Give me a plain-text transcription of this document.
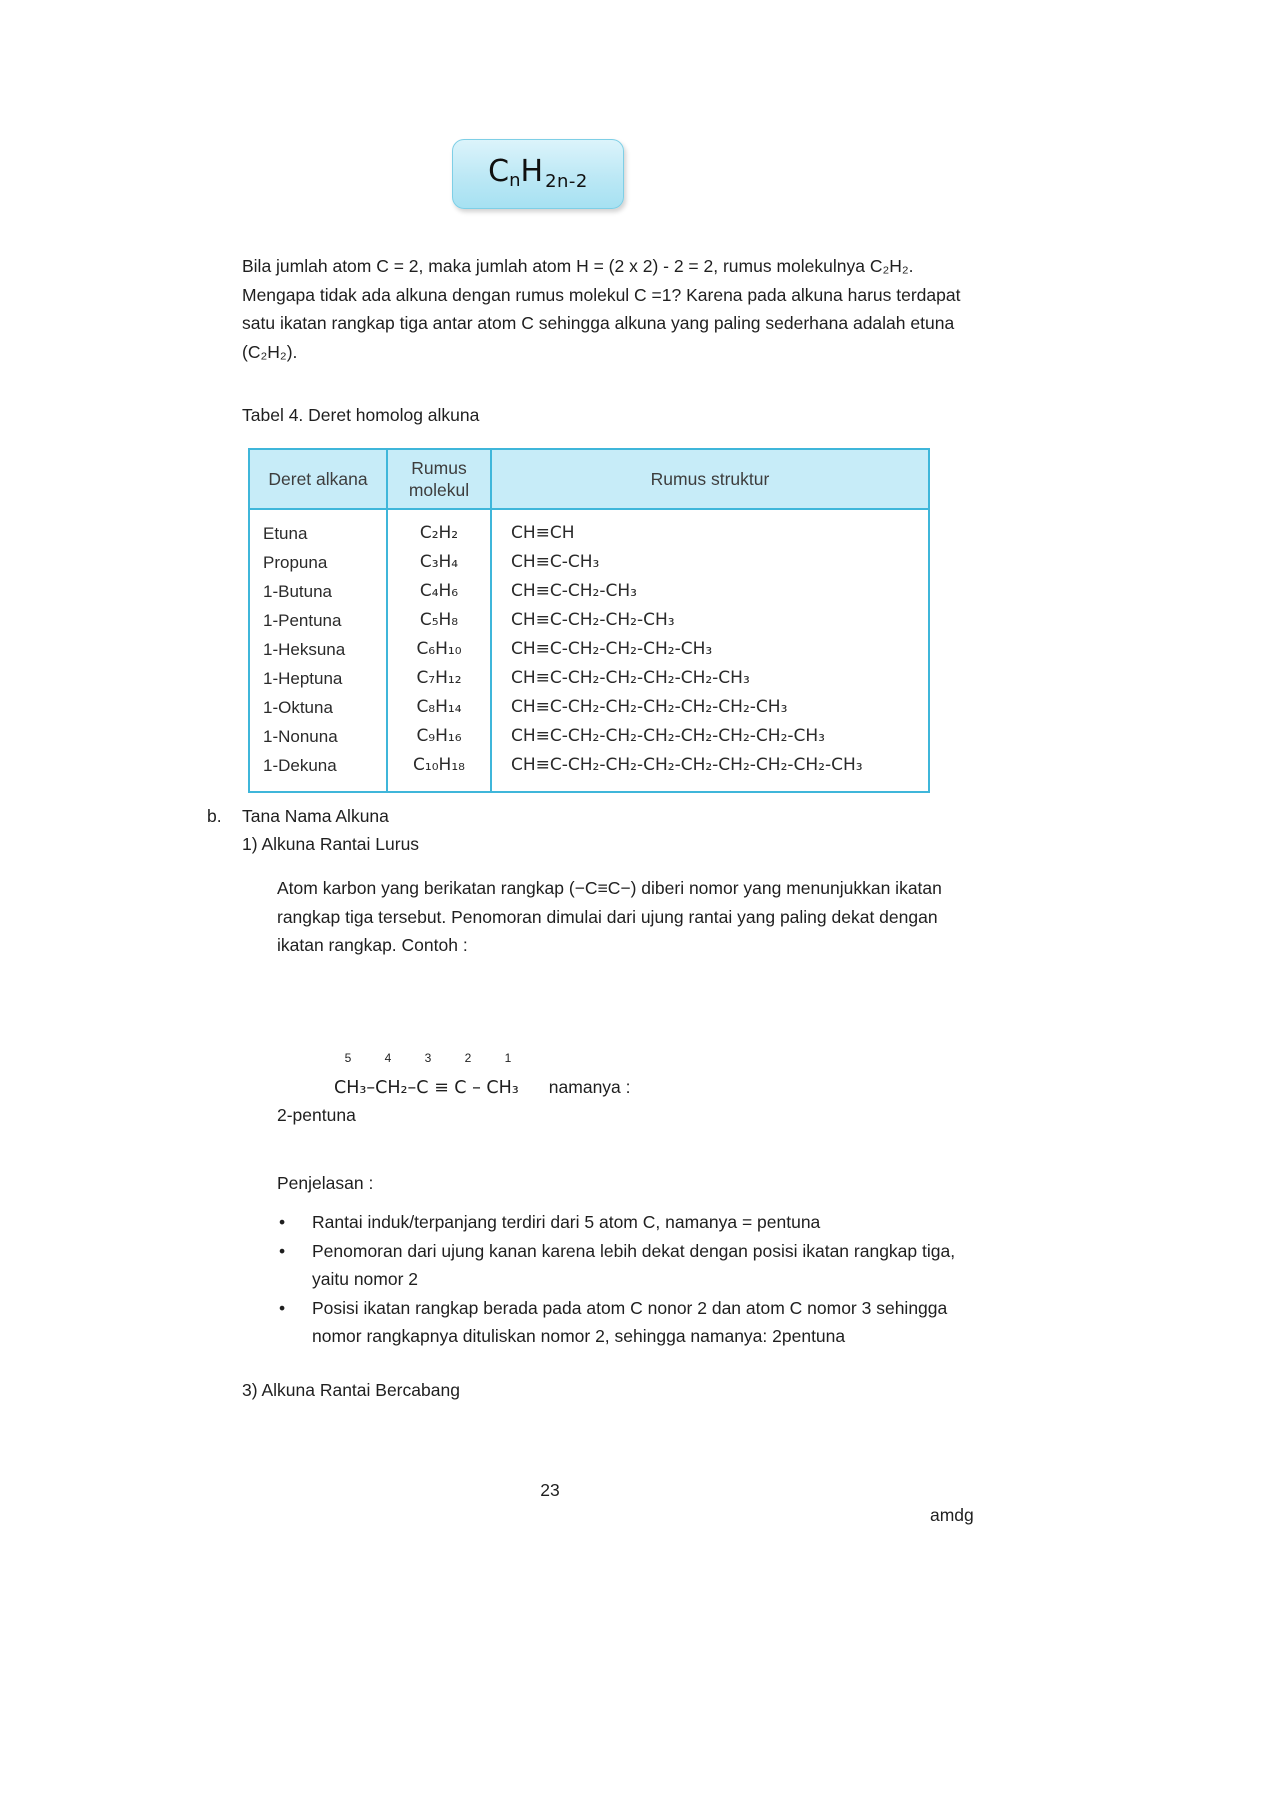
CnH 2n-2
Bila jumlah atom C = 2, maka jumlah atom H = (2 x 2) - 2 = 2, rumus molekulnya C₂H₂. Mengapa tidak ada alkuna dengan rumus molekul C =1? Karena pada alkuna harus terdapat satu ikatan rangkap tiga antar atom C sehingga alkuna yang paling sederhana adalah etuna (C₂H₂).
Tabel 4. Deret homolog alkuna
Deret alkana	Rumus molekul	Rumus struktur
Etuna	C₂H₂	CH≡CH
Propuna	C₃H₄	CH≡C-CH₃
1-Butuna	C₄H₆	CH≡C-CH₂-CH₃
1-Pentuna	C₅H₈	CH≡C-CH₂-CH₂-CH₃
1-Heksuna	C₆H₁₀	CH≡C-CH₂-CH₂-CH₂-CH₃
1-Heptuna	C₇H₁₂	CH≡C-CH₂-CH₂-CH₂-CH₂-CH₃
1-Oktuna	C₈H₁₄	CH≡C-CH₂-CH₂-CH₂-CH₂-CH₂-CH₃
1-Nonuna	C₉H₁₆	CH≡C-CH₂-CH₂-CH₂-CH₂-CH₂-CH₂-CH₃
1-Dekuna	C₁₀H₁₈	CH≡C-CH₂-CH₂-CH₂-CH₂-CH₂-CH₂-CH₂-CH₃
b. Tana Nama Alkuna
1) Alkuna Rantai Lurus
Atom karbon yang berikatan rangkap (−C≡C−) diberi nomor yang menunjukkan ikatan rangkap tiga tersebut. Penomoran dimulai dari ujung rantai yang paling dekat dengan ikatan rangkap. Contoh :
5	4	3	2	1
CH₃–CH₂–C ≡ C – CH₃ namanya :
2-pentuna
Penjelasan :
• Rantai induk/terpanjang terdiri dari 5 atom C, namanya = pentuna
• Penomoran dari ujung kanan karena lebih dekat dengan posisi ikatan rangkap tiga, yaitu nomor 2
• Posisi ikatan rangkap berada pada atom C nonor 2 dan atom C nomor 3 sehingga nomor rangkapnya dituliskan nomor 2, sehingga namanya: 2pentuna
3) Alkuna Rantai Bercabang
23
amdg
